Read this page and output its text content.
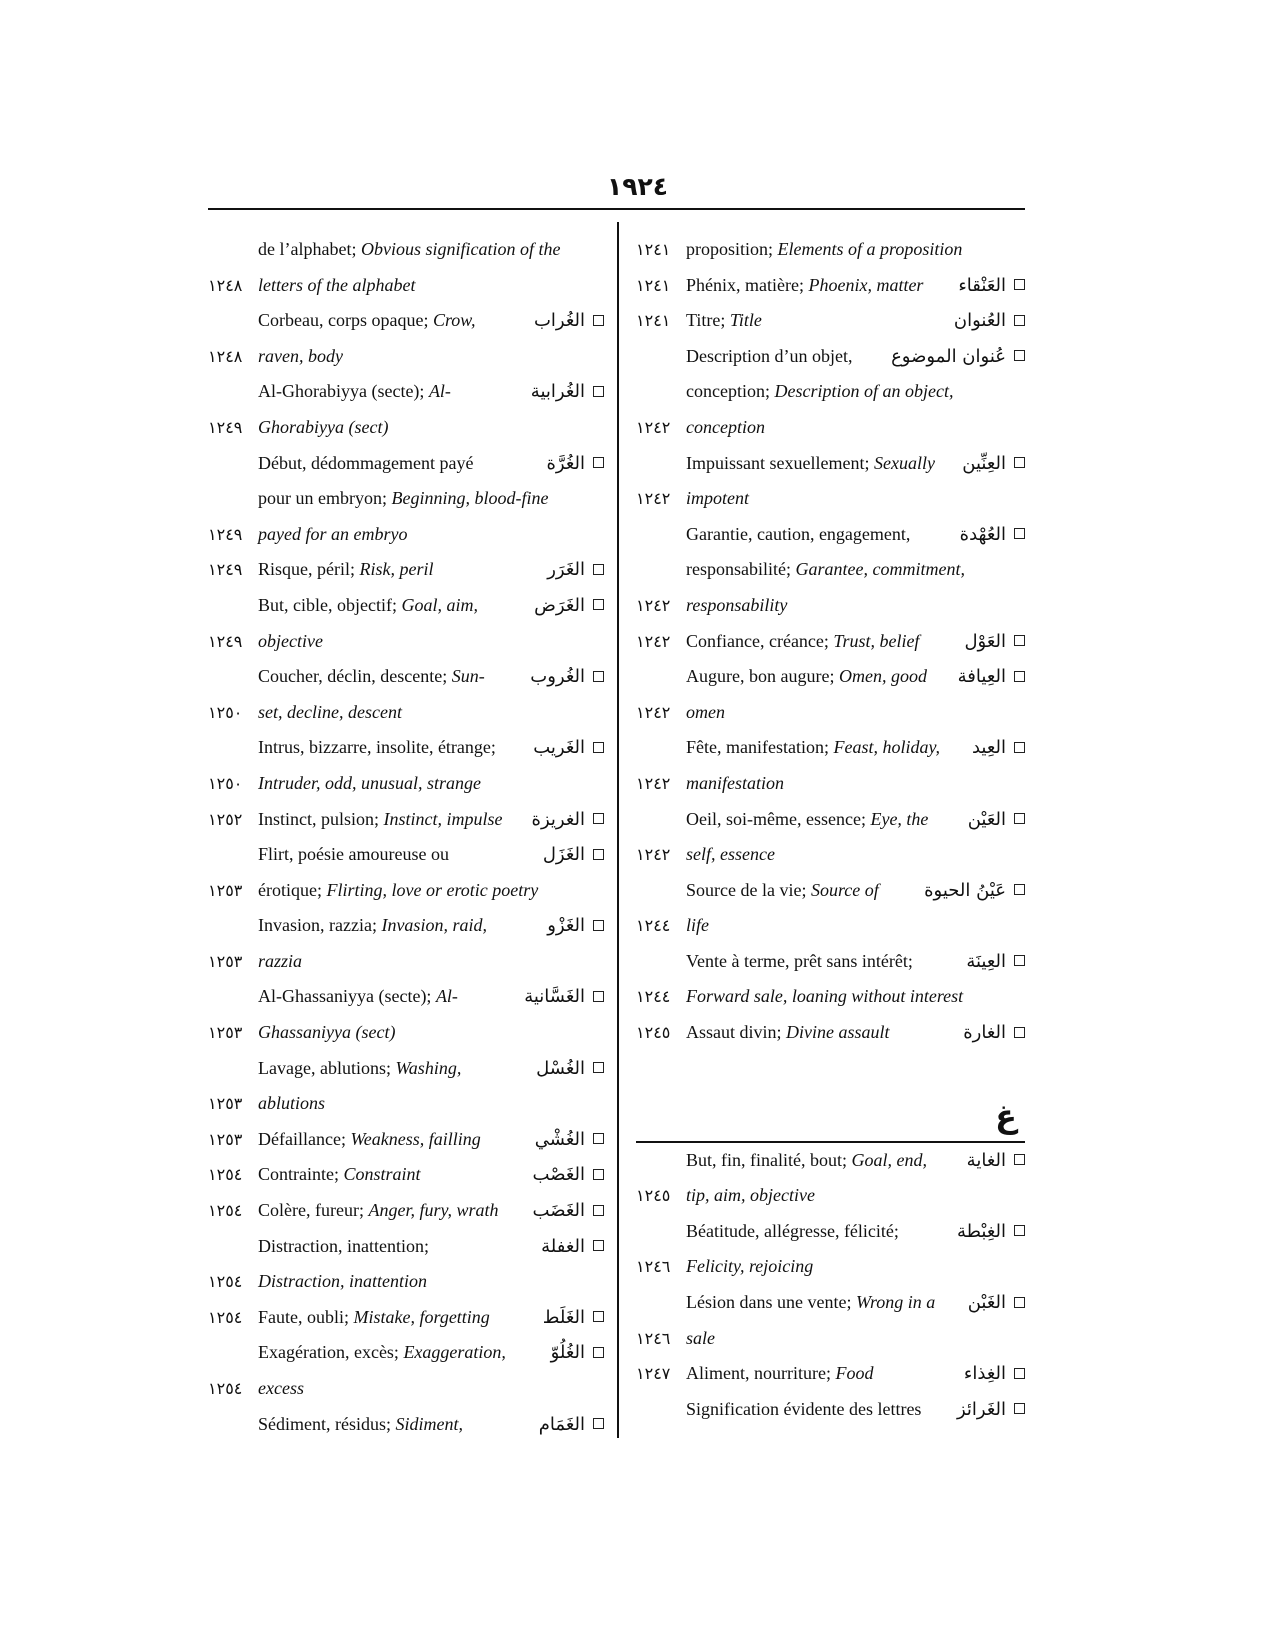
١٩٢٤
de l’alphabet; Obvious signification of the
١٢٤٨ letters of the alphabet
Corbeau, corps opaque; Crow,	الغُراب
١٢٤٨ raven, body
Al-Ghorabiyya (secte); Al-	الغُرابية
١٢٤٩ Ghorabiyya (sect)
Début, dédommagement payé	الغُرَّة
pour un embryon; Beginning, blood-fine
١٢٤٩ payed for an embryo
١٢٤٩ Risque, péril; Risk, peril	الغَرَر
But, cible, objectif; Goal, aim,	الغَرَض
١٢٤٩ objective
Coucher, déclin, descente; Sun-	الغُروب
١٢٥٠ set, decline, descent
Intrus, bizzarre, insolite, étrange; الغَريب
١٢٥٠ Intruder, odd, unusual, strange
١٢٥٢ Instinct, pulsion; Instinct, impulse الغريزة
Flirt, poésie amoureuse ou	الغَزَل
١٢٥٣ érotique; Flirting, love or erotic poetry
Invasion, razzia; Invasion, raid,	الغَزْو
١٢٥٣ razzia
Al-Ghassaniyya (secte); Al-	الغَسَّانية
١٢٥٣ Ghassaniyya (sect)
Lavage, ablutions; Washing,	الغُسْل
١٢٥٣ ablutions
١٢٥٣ Défaillance; Weakness, failling	الغُشْي
١٢٥٤ Contrainte; Constraint	الغَصْب
١٢٥٤ Colère, fureur; Anger, fury, wrath الغَضَب
Distraction, inattention;	الغفلة
١٢٥٤ Distraction, inattention
١٢٥٤ Faute, oubli; Mistake, forgetting	الغَلَط
Exagération, excès; Exaggeration, الغُلُوّ
١٢٥٤ excess
Sédiment, résidus; Sidiment,	الغَمَام
١٢٤١ proposition; Elements of a proposition
١٢٤١ Phénix, matière; Phoenix, matter العَنْقاء
١٢٤١ Titre; Title	العُنوان
Description d’un objet, عُنوان الموضوع
conception; Description of an object,
١٢٤٢ conception
Impuissant sexuellement; Sexually العِنِّين
١٢٤٢ impotent
Garantie, caution, engagement,	العُهْدة
responsabilité; Garantee, commitment,
١٢٤٢ responsability
١٢٤٢ Confiance, créance; Trust, belief	العَوْل
Augure, bon augure; Omen, good العِيافة
١٢٤٢ omen
Fête, manifestation; Feast, holiday, العِيد
١٢٤٢ manifestation
Oeil, soi-même, essence; Eye, the العَيْن
١٢٤٢ self, essence
Source de la vie; Source of	عَيْنُ الحيوة
١٢٤٤ life
Vente à terme, prêt sans intérêt;	العِينَة
١٢٤٤ Forward sale, loaning without interest
١٢٤٥ Assaut divin; Divine assault	الغارة
غ
But, fin, finalité, bout; Goal, end, الغاية
١٢٤٥ tip, aim, objective
Béatitude, allégresse, félicité;	الغِبْطة
١٢٤٦ Felicity, rejoicing
Lésion dans une vente; Wrong in a الغَبْن
١٢٤٦ sale
١٢٤٧ Aliment, nourriture; Food	الغِذاء
Signification évidente des lettres الغَرائز
